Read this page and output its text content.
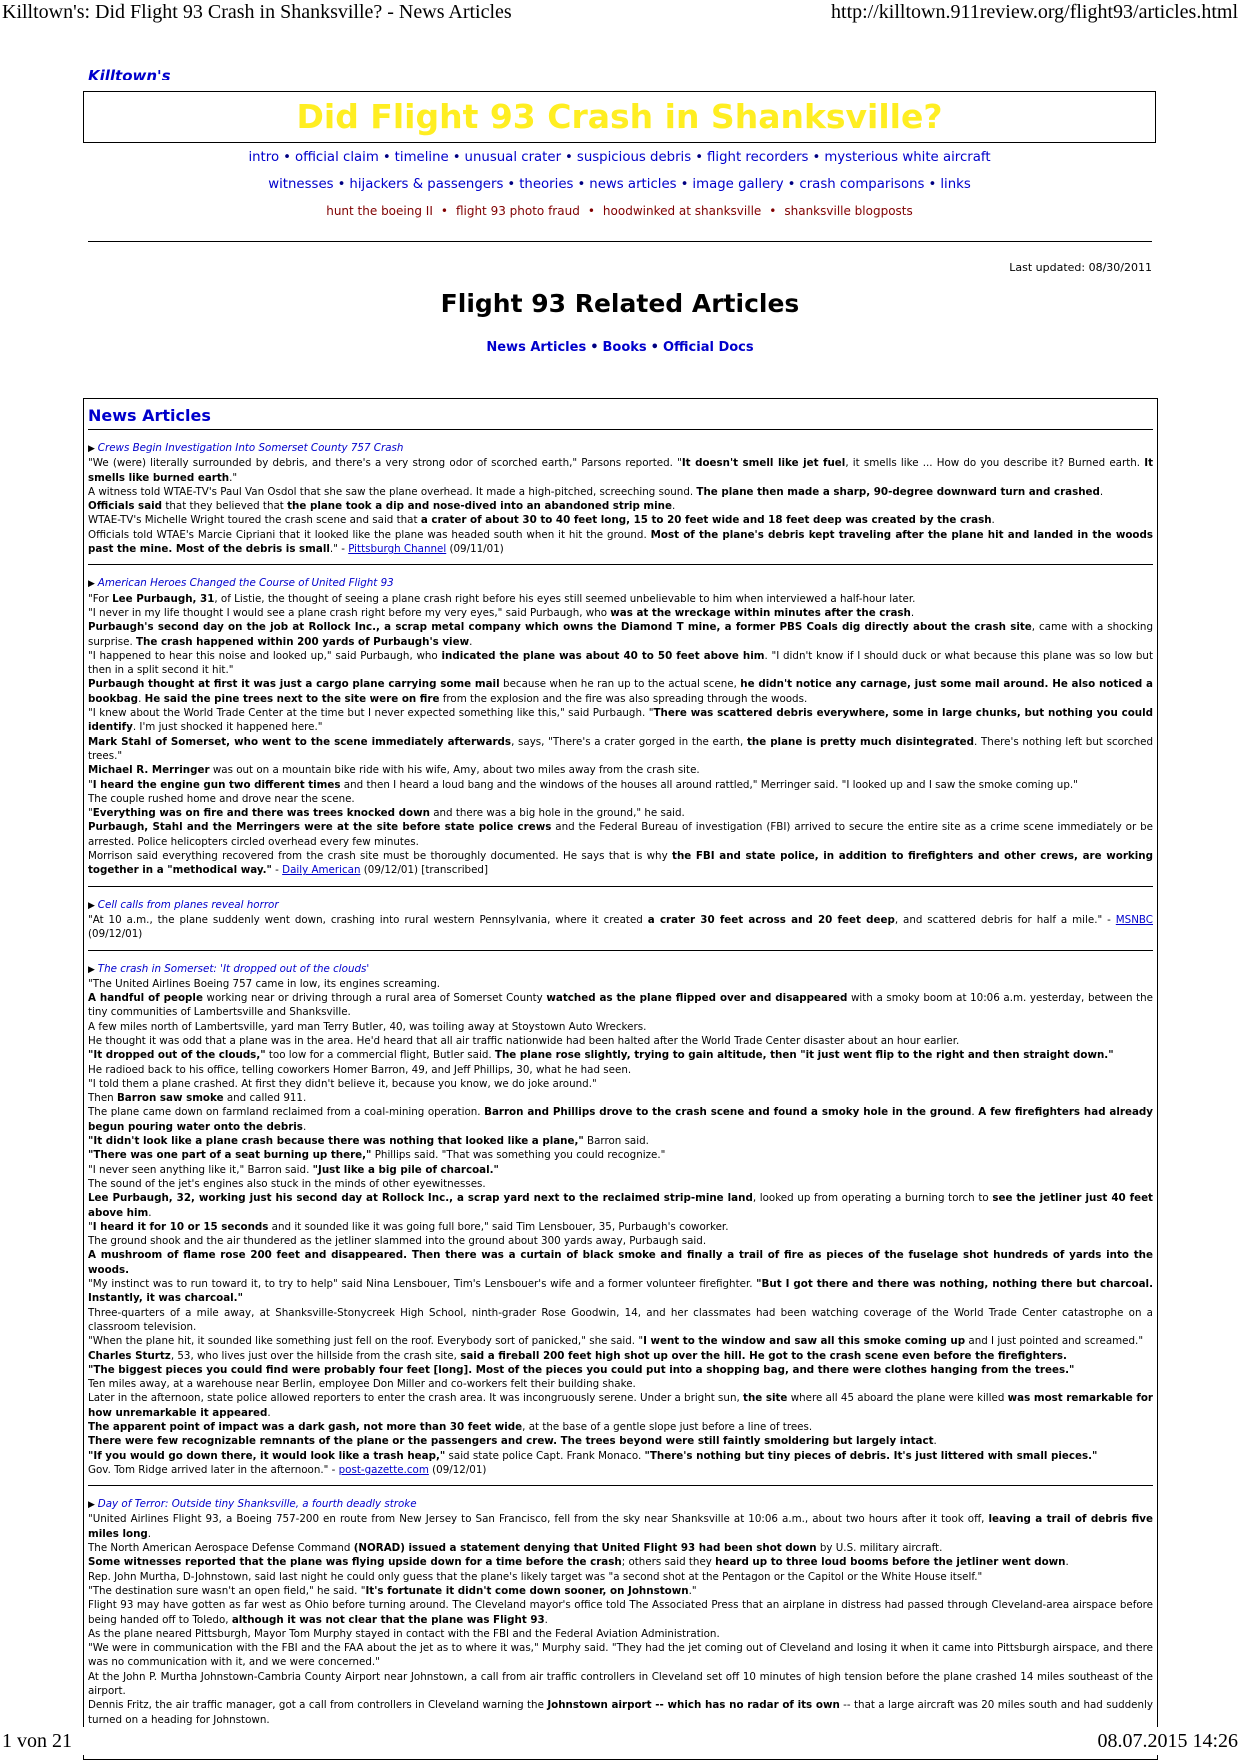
Killtown's: Did Flight 93 Crash in Shanksville? - News Articles	http://killtown.911review.org/flight93/articles.html
Killtown's
Did Flight 93 Crash in Shanksville?
intro • official claim • timeline • unusual crater • suspicious debris • flight recorders • mysterious white aircraft
witnesses • hijackers & passengers • theories • news articles • image gallery • crash comparisons • links
hunt the boeing II • flight 93 photo fraud • hoodwinked at shanksville • shanksville blogposts
Last updated: 08/30/2011
Flight 93 Related Articles
News Articles • Books • Official Docs
News Articles
▶ Crews Begin Investigation Into Somerset County 757 Crash
"We (were) literally surrounded by debris, and there's a very strong odor of scorched earth," Parsons reported. "It doesn't smell like jet fuel, it smells like ... How do you describe it? Burned earth. It smells like burned earth."
A witness told WTAE-TV's Paul Van Osdol that she saw the plane overhead. It made a high-pitched, screeching sound. The plane then made a sharp, 90-degree downward turn and crashed.
Officials said that they believed that the plane took a dip and nose-dived into an abandoned strip mine.
WTAE-TV's Michelle Wright toured the crash scene and said that a crater of about 30 to 40 feet long, 15 to 20 feet wide and 18 feet deep was created by the crash.
Officials told WTAE's Marcie Cipriani that it looked like the plane was headed south when it hit the ground. Most of the plane's debris kept traveling after the plane hit and landed in the woods past the mine. Most of the debris is small." - Pittsburgh Channel (09/11/01)
▶ American Heroes Changed the Course of United Flight 93
"For Lee Purbaugh, 31, of Listie, the thought of seeing a plane crash right before his eyes still seemed unbelievable to him when interviewed a half-hour later.
"I never in my life thought I would see a plane crash right before my very eyes," said Purbaugh, who was at the wreckage within minutes after the crash.
Purbaugh's second day on the job at Rollock Inc., a scrap metal company which owns the Diamond T mine, a former PBS Coals dig directly about the crash site, came with a shocking surprise. The crash happened within 200 yards of Purbaugh's view.
"I happened to hear this noise and looked up," said Purbaugh, who indicated the plane was about 40 to 50 feet above him. "I didn't know if I should duck or what because this plane was so low but then in a split second it hit."
Purbaugh thought at first it was just a cargo plane carrying some mail because when he ran up to the actual scene, he didn't notice any carnage, just some mail around. He also noticed a bookbag. He said the pine trees next to the site were on fire from the explosion and the fire was also spreading through the woods.
"I knew about the World Trade Center at the time but I never expected something like this," said Purbaugh. "There was scattered debris everywhere, some in large chunks, but nothing you could identify. I'm just shocked it happened here."
Mark Stahl of Somerset, who went to the scene immediately afterwards, says, "There's a crater gorged in the earth, the plane is pretty much disintegrated. There's nothing left but scorched trees."
Michael R. Merringer was out on a mountain bike ride with his wife, Amy, about two miles away from the crash site.
"I heard the engine gun two different times and then I heard a loud bang and the windows of the houses all around rattled," Merringer said. "I looked up and I saw the smoke coming up."
The couple rushed home and drove near the scene.
"Everything was on fire and there was trees knocked down and there was a big hole in the ground," he said.
Purbaugh, Stahl and the Merringers were at the site before state police crews and the Federal Bureau of investigation (FBI) arrived to secure the entire site as a crime scene immediately or be arrested. Police helicopters circled overhead every few minutes.
Morrison said everything recovered from the crash site must be thoroughly documented. He says that is why the FBI and state police, in addition to firefighters and other crews, are working together in a "methodical way." - Daily American (09/12/01) [transcribed]
▶ Cell calls from planes reveal horror
"At 10 a.m., the plane suddenly went down, crashing into rural western Pennsylvania, where it created a crater 30 feet across and 20 feet deep, and scattered debris for half a mile." - MSNBC (09/12/01)
▶ The crash in Somerset: 'It dropped out of the clouds'
"The United Airlines Boeing 757 came in low, its engines screaming.
A handful of people working near or driving through a rural area of Somerset County watched as the plane flipped over and disappeared with a smoky boom at 10:06 a.m. yesterday, between the tiny communities of Lambertsville and Shanksville.
A few miles north of Lambertsville, yard man Terry Butler, 40, was toiling away at Stoystown Auto Wreckers.
He thought it was odd that a plane was in the area. He'd heard that all air traffic nationwide had been halted after the World Trade Center disaster about an hour earlier.
"It dropped out of the clouds," too low for a commercial flight, Butler said. The plane rose slightly, trying to gain altitude, then "it just went flip to the right and then straight down."
He radioed back to his office, telling coworkers Homer Barron, 49, and Jeff Phillips, 30, what he had seen.
"I told them a plane crashed. At first they didn't believe it, because you know, we do joke around."
Then Barron saw smoke and called 911.
The plane came down on farmland reclaimed from a coal-mining operation. Barron and Phillips drove to the crash scene and found a smoky hole in the ground. A few firefighters had already begun pouring water onto the debris.
"It didn't look like a plane crash because there was nothing that looked like a plane," Barron said.
"There was one part of a seat burning up there," Phillips said. "That was something you could recognize."
"I never seen anything like it," Barron said. "Just like a big pile of charcoal."
The sound of the jet's engines also stuck in the minds of other eyewitnesses.
Lee Purbaugh, 32, working just his second day at Rollock Inc., a scrap yard next to the reclaimed strip-mine land, looked up from operating a burning torch to see the jetliner just 40 feet above him.
"I heard it for 10 or 15 seconds and it sounded like it was going full bore," said Tim Lensbouer, 35, Purbaugh's coworker.
The ground shook and the air thundered as the jetliner slammed into the ground about 300 yards away, Purbaugh said.
A mushroom of flame rose 200 feet and disappeared. Then there was a curtain of black smoke and finally a trail of fire as pieces of the fuselage shot hundreds of yards into the woods.
"My instinct was to run toward it, to try to help" said Nina Lensbouer, Tim's Lensbouer's wife and a former volunteer firefighter. "But I got there and there was nothing, nothing there but charcoal. Instantly, it was charcoal."
Three-quarters of a mile away, at Shanksville-Stonycreek High School, ninth-grader Rose Goodwin, 14, and her classmates had been watching coverage of the World Trade Center catastrophe on a classroom television.
"When the plane hit, it sounded like something just fell on the roof. Everybody sort of panicked," she said. "I went to the window and saw all this smoke coming up and I just pointed and screamed."
Charles Sturtz, 53, who lives just over the hillside from the crash site, said a fireball 200 feet high shot up over the hill. He got to the crash scene even before the firefighters.
"The biggest pieces you could find were probably four feet [long]. Most of the pieces you could put into a shopping bag, and there were clothes hanging from the trees."
Ten miles away, at a warehouse near Berlin, employee Don Miller and co-workers felt their building shake.
Later in the afternoon, state police allowed reporters to enter the crash area. It was incongruously serene. Under a bright sun, the site where all 45 aboard the plane were killed was most remarkable for how unremarkable it appeared.
The apparent point of impact was a dark gash, not more than 30 feet wide, at the base of a gentle slope just before a line of trees.
There were few recognizable remnants of the plane or the passengers and crew. The trees beyond were still faintly smoldering but largely intact.
"If you would go down there, it would look like a trash heap," said state police Capt. Frank Monaco. "There's nothing but tiny pieces of debris. It's just littered with small pieces."
Gov. Tom Ridge arrived later in the afternoon." - post-gazette.com (09/12/01)
▶ Day of Terror: Outside tiny Shanksville, a fourth deadly stroke
"United Airlines Flight 93, a Boeing 757-200 en route from New Jersey to San Francisco, fell from the sky near Shanksville at 10:06 a.m., about two hours after it took off, leaving a trail of debris five miles long.
The North American Aerospace Defense Command (NORAD) issued a statement denying that United Flight 93 had been shot down by U.S. military aircraft.
Some witnesses reported that the plane was flying upside down for a time before the crash; others said they heard up to three loud booms before the jetliner went down.
Rep. John Murtha, D-Johnstown, said last night he could only guess that the plane's likely target was "a second shot at the Pentagon or the Capitol or the White House itself."
"The destination sure wasn't an open field," he said. "It's fortunate it didn't come down sooner, on Johnstown."
Flight 93 may have gotten as far west as Ohio before turning around. The Cleveland mayor's office told The Associated Press that an airplane in distress had passed through Cleveland-area airspace before being handed off to Toledo, although it was not clear that the plane was Flight 93.
As the plane neared Pittsburgh, Mayor Tom Murphy stayed in contact with the FBI and the Federal Aviation Administration.
"We were in communication with the FBI and the FAA about the jet as to where it was," Murphy said. "They had the jet coming out of Cleveland and losing it when it came into Pittsburgh airspace, and there was no communication with it, and we were concerned."
At the John P. Murtha Johnstown-Cambria County Airport near Johnstown, a call from air traffic controllers in Cleveland set off 10 minutes of high tension before the plane crashed 14 miles southeast of the airport.
Dennis Fritz, the air traffic manager, got a call from controllers in Cleveland warning the Johnstown airport -- which has no radar of its own -- that a large aircraft was 20 miles south and had suddenly turned on a heading for Johnstown.
1 von 21	08.07.2015 14:26
